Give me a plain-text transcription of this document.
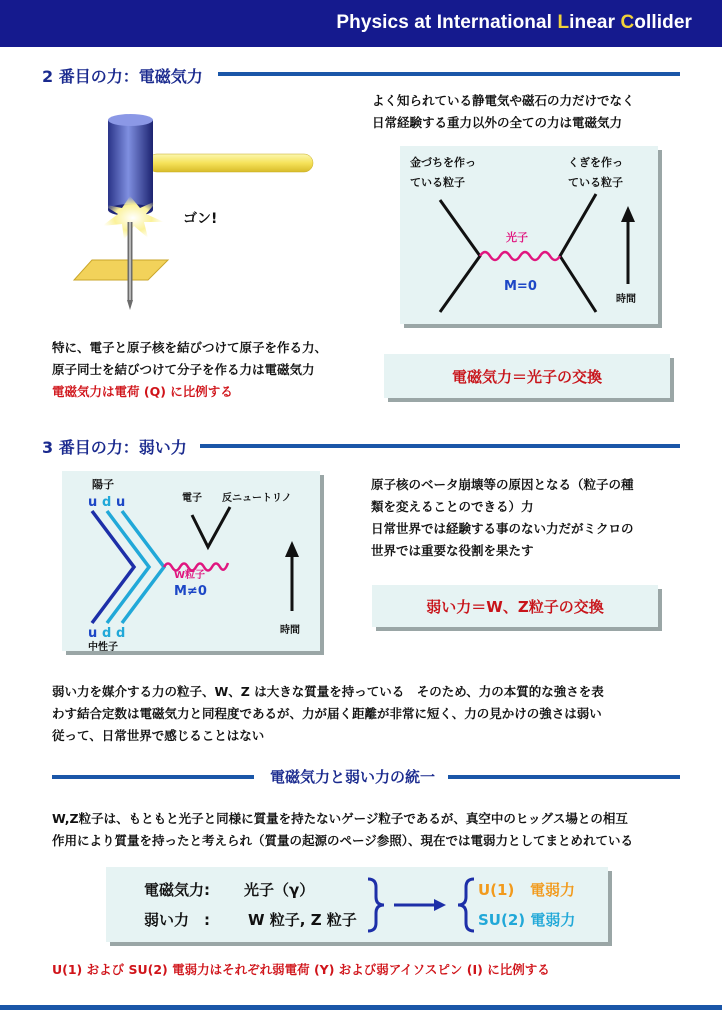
Physics at International Linear Collider
2 番目の力：電磁気力
ゴン!
よく知られている静電気や磁石の力だけでなく
日常経験する重力以外の全ての力は電磁気力
金づちを作っ
ている粒子
くぎを作っ
ている粒子
光子
M=0
時間
特に、電子と原子核を結びつけて原子を作る力、
原子同士を結びつけて分子を作る力は電磁気力
電磁気力は電荷 (Q) に比例する
電磁気力＝光子の交換
3 番目の力：弱い力
陽子
u d u
u d d
中性子
電子 反ニュートリノ
W粒子
M≠0
時間
原子核のベータ崩壊等の原因となる（粒子の種
類を変えることのできる）力
日常世界では経験する事のない力だがミクロの
世界では重要な役割を果たす
弱い力＝W、Z粒子の交換
弱い力を媒介する力の粒子、W、Z は大きな質量を持っている　そのため、力の本質的な強さを表
わす結合定数は電磁気力と同程度であるが、力が届く距離が非常に短く、力の見かけの強さは弱い
従って、日常世界で感じることはない
電磁気力と弱い力の統一
W,Z粒子は、もともと光子と同様に質量を持たないゲージ粒子であるが、真空中のヒッグス場との相互
作用により質量を持ったと考えられ（質量の起源のページ参照）、現在では電弱力としてまとめれている
電磁気力: 光子（γ）
弱い力　:	W 粒子, Z 粒子
U(1) 電弱力
SU(2) 電弱力
U(1) および SU(2) 電弱力はそれぞれ弱電荷 (Y) および弱アイソスピン (I) に比例する
